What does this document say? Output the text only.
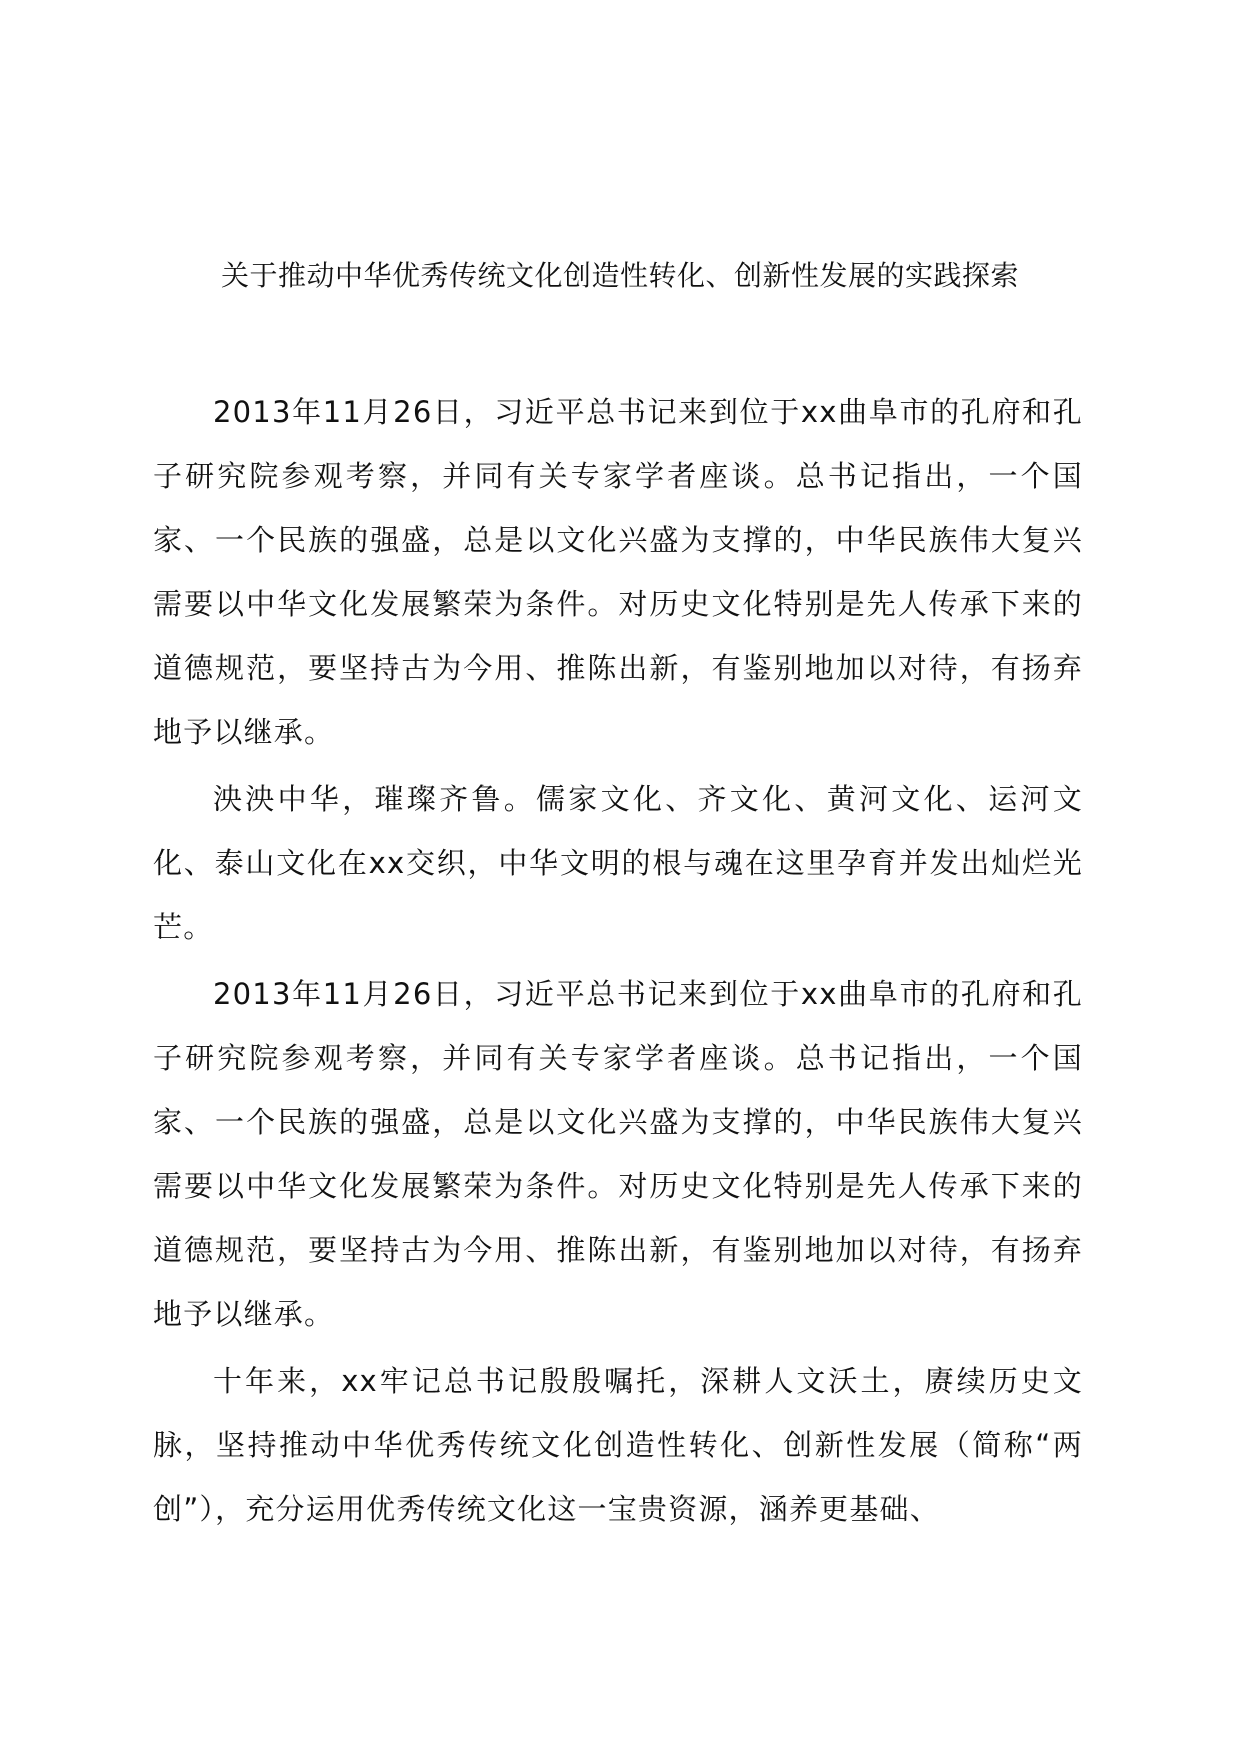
关于推动中华优秀传统文化创造性转化、创新性发展的实践探索

2013年11月26日，习近平总书记来到位于xx曲阜市的孔府和孔子研究院参观考察，并同有关专家学者座谈。总书记指出，一个国家、一个民族的强盛，总是以文化兴盛为支撑的，中华民族伟大复兴需要以中华文化发展繁荣为条件。对历史文化特别是先人传承下来的道德规范，要坚持古为今用、推陈出新，有鉴别地加以对待，有扬弃地予以继承。

泱泱中华，璀璨齐鲁。儒家文化、齐文化、黄河文化、运河文化、泰山文化在xx交织，中华文明的根与魂在这里孕育并发出灿烂光芒。

2013年11月26日，习近平总书记来到位于xx曲阜市的孔府和孔子研究院参观考察，并同有关专家学者座谈。总书记指出，一个国家、一个民族的强盛，总是以文化兴盛为支撑的，中华民族伟大复兴需要以中华文化发展繁荣为条件。对历史文化特别是先人传承下来的道德规范，要坚持古为今用、推陈出新，有鉴别地加以对待，有扬弃地予以继承。

十年来，xx牢记总书记殷殷嘱托，深耕人文沃土，赓续历史文脉，坚持推动中华优秀传统文化创造性转化、创新性发展（简称“两创”），充分运用优秀传统文化这一宝贵资源，涵养更基础、
